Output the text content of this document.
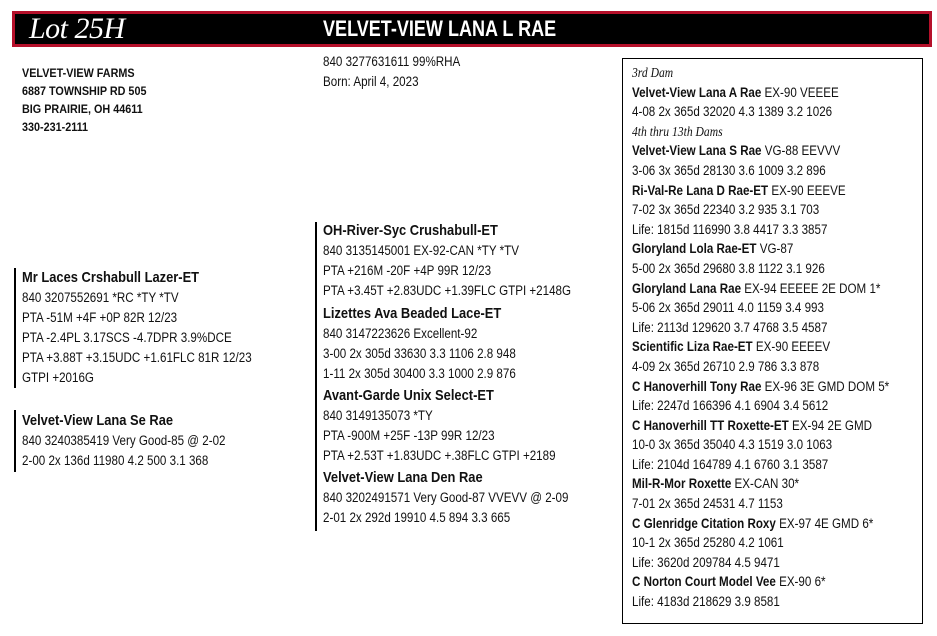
Lot 25H	VELVET-VIEW LANA L RAE
VELVET-VIEW FARMS
6887 TOWNSHIP RD 505
BIG PRAIRIE, OH 44611
330-231-2111
840 3277631611 99%RHA
Born: April 4, 2023
Mr Laces Crshabull Lazer-ET
840 3207552691 *RC *TY *TV
PTA -51M +4F +0P 82R 12/23
PTA -2.4PL 3.17SCS -4.7DPR 3.9%DCE
PTA +3.88T +3.15UDC +1.61FLC 81R 12/23
GTPI +2016G
Velvet-View Lana Se Rae
840 3240385419 Very Good-85 @ 2-02
2-00 2x 136d 11980 4.2 500 3.1 368
OH-River-Syc Crushabull-ET
840 3135145001 EX-92-CAN *TY *TV
PTA +216M -20F +4P 99R 12/23
PTA +3.45T +2.83UDC +1.39FLC GTPI +2148G
Lizettes Ava Beaded Lace-ET
840 3147223626 Excellent-92
3-00 2x 305d 33630 3.3 1106 2.8 948
1-11 2x 305d 30400 3.3 1000 2.9 876
Avant-Garde Unix Select-ET
840 3149135073 *TY
PTA -900M +25F -13P 99R 12/23
PTA +2.53T +1.83UDC +.38FLC GTPI +2189
Velvet-View Lana Den Rae
840 3202491571 Very Good-87 VVEVV @ 2-09
2-01 2x 292d 19910 4.5 894 3.3 665
3rd Dam
Velvet-View Lana A Rae EX-90 VEEEE
4-08 2x 365d 32020 4.3 1389 3.2 1026
4th thru 13th Dams
Velvet-View Lana S Rae VG-88 EEVVV
3-06 3x 365d 28130 3.6 1009 3.2 896
Ri-Val-Re Lana D Rae-ET EX-90 EEEVE
7-02 3x 365d 22340 3.2 935 3.1 703
Life: 1815d 116990 3.8 4417 3.3 3857
Gloryland Lola Rae-ET VG-87
5-00 2x 365d 29680 3.8 1122 3.1 926
Gloryland Lana Rae EX-94 EEEEE 2E DOM 1*
5-06 2x 365d 29011 4.0 1159 3.4 993
Life: 2113d 129620 3.7 4768 3.5 4587
Scientific Liza Rae-ET EX-90 EEEEV
4-09 2x 365d 26710 2.9 786 3.3 878
C Hanoverhill Tony Rae EX-96 3E GMD DOM 5*
Life: 2247d 166396 4.1 6904 3.4 5612
C Hanoverhill TT Roxette-ET EX-94 2E GMD
10-0 3x 365d 35040 4.3 1519 3.0 1063
Life: 2104d 164789 4.1 6760 3.1 3587
Mil-R-Mor Roxette EX-CAN 30*
7-01 2x 365d 24531 4.7 1153
C Glenridge Citation Roxy EX-97 4E GMD 6*
10-1 2x 365d 25280 4.2 1061
Life: 3620d 209784 4.5 9471
C Norton Court Model Vee EX-90 6*
Life: 4183d 218629 3.9 8581
